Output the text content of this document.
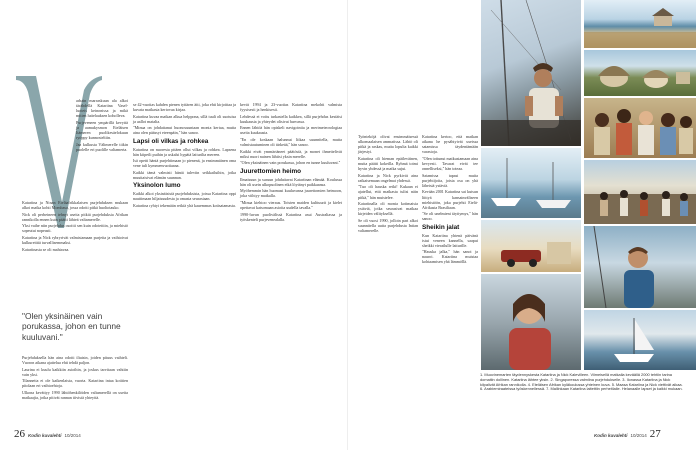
arhain marraskuun ala alkoi tärähdellä Katariina Vasel- luoteis keinonissa ja mikä mitien luttelauksen koholleva.

Purjeveneen ympärillä kevyttä ja aamukysmon Eteläisen Itämeren puolikesäelokuun ryöppy kunnosteltiin.

Jaa kulkusta Välimerelle tiikin puolelle eri puolille valtamerta.

Katariina ja Ninan Eteläafrikkalaisen purjehduksen mukaan alkoi matka kohti Mombasa, jossa odotti pitkä huoltotauko.

Nick oli perheineen tehnyt useita pitkiä purjehduksia Afrikan rannikolla ennen kuin päätti lähteä valtamerelle.

Yksi vaihe niin purjehdus osoitti sen kuin odotettiin, ja miehistö sopeutui nopeasti.

Katariina ja Nick rybryrivät valmistamaan purjeita ja vaihtoivat kulkureittiä turvallisemmaksi.

Katariinasta se oli mahtavaa.

"Olen yksinäinen vain porukassa, johon en tunne kuuluvani."

Purjehduksella hän aina odotti iltaisin, joiden pituus vaihteli. Vuoron aikana ajattelua ehti tehdä paljon.

Laurina ei kuulu kaikkiin asioihin, ja joskus tarvitaan vahtiin vain yksi.

Tilannetta ei ole kaikenlaista, vuorta. Katariina intaa kotitien pitolaan eri vaihtoehtoja.

Ulkona kevättyy 1990 lähtöhenkilöiden valtamerellä on useita matkaajia, jotka pitivät rannan tiivistä yhteyttä.

se 42-vuotias kahden pienen tyttären äiti, joka ehti kirjoittaa ja kuvata matkasta kertovaa kirjaa.

Katariina kuvaa matkan alkua helppona, sillä tuuli oli suotuisa ja aallot matalia.

"Minua on johdattanut huonosuuntaan monta kertaa, mutta aina olen päässyt eteenpäin," hän sanoo.

Lapsi oli vilkas ja rohkea

Katariina on nuoresta pitäen ollut vilkas ja rohkea. Lapsena hän kiipeili puihin ja uskalsi hypätä laiturilta mereen.

Isä opetti häntä purjehtimaan jo pienenä, ja ensimmäinen oma vene tuli kymmenvuotiaana.

Kaikki tämä valmisti häntä tuleviin seikkailuihin, jotka muuttaisivat elämän suunnan.

Yksinolon lumo

Kaikki alkoi yksinäisistä purjehduksista, joissa Katariina oppi nauttimaan hiljaisuudesta ja omasta seurastaan.

Katariina ryhtyi tekemään retkiä yhä kauemmas kotisatamasta.

kevät 1994 ja 23-vuotias Katariina mekohti valmista fyysisesti ja henkisesti.

Lehdessä ei voitu tarkastella kaikkea, sillä purjehdus kestäisi kuukausia ja yhteydet olisivat harvassa.

Ennen lähtöä hän opiskeli navigointia ja merimeteorologiaa useita kuukausia.

"En ole koskaan halunnut liikaa suunnitella, mutta valmistautuminen oli tärkeää," hän sanoo.

Kaikki eivät ymmärtäneet päätöstä, ja monet ihmettelivät miksi nuori nainen lähtisi yksin merelle.

"Olen yksinäinen vain porukassa, johon en tunne kuuluvani."

Juurettomien heimo

Ilmaisuun ja suruun johdattavat Katariinan elämää. Koulussa hän oli usein ulkopuolinen eikä löytänyt paikkaansa.

Myöhemmin hän huomasi kuuluvansa juurettomien heimoon, joka viihtyy matkalla.

"Minua kiehtoo vieraus. Toisten maiden kulttuurit ja kielet opettavat katsomaan asioita uudella tavalla."

1990-luvun puolivälissä Katariina asui Australiassa ja työskenteli purjevenealalla.

26 Kodin kuvalehti 10/2014

Työnteköjä olivat ensimmäisessä ulkomaalaisen ammatissa. Lähtö oli pitkä ja raskas, mutta lopulta kaikki järjestyi.

Katariina oli hieman epäileväinen, mutta päätti kokeilla. Ryhmä toimi hyvin yhdessä ja matka sujui.

Katariina ja Nick pyrkivät aina ratkaisemaan ongelmat yhdessä.

"Tuo oli hauska retki! Kukaan ei ajatellut, että matkasta tulisi näin pitkä," hän muistelee.

Katariinalla oli monia kotimaisia ystäviä, jotka seurasivat matkaa kirjeiden välityksellä.

Se oli vuosi 1990, jolloin pari alkoi suunnitella uutta purjehdusta Intian valtamerelle.

Katariina kertoo, että matkan aikana he pysähtyivät useissa satamissa täydentämään varastoja.

"Olen tottunut matkustamaan aina kevyesti. Tavarat eivät tee onnelliseksi," hän toteaa.

Satamissa tapasi muita purjehtijoita, joista osa on yhä läheisiä ystäviä.

Kevään 2001 Katariina sai kutsun liittyä kansainväliseen miehistöön, joka purjehti Etelä-Afrikasta Brasiliaan.

"Se oli unelmieni täyttymys," hän sanoo.

Sheikin jalat

Kun Katariina yhtenä päivänä istui veneen kannella, saapui sheikki vierailulle laiturille.

"Hauska jalka," hän sanoi ja nauroi. Katariina muistaa kohtaamisen yhä lämmöllä.

Kodin kuvalehti 10/2014 27
1. Muovinemarten täydennyskesta Katariina ja Nick Kalevilleen. Viimeisellä matkalla keväällä 2000 tehtiin tarina domaitin dollinen. Katariina lähtee yksin. 2. Singaporessa valmiina purjehdukselle. 3. Ilonassa Katariina ja Nick kilpalivät Afrikan rannikolla. 4. Eteläisen Afrikan kyläkoulussa yhteinen kuva. 5. Maasa Katariina ja Nick viettivät aikaa. 6. Arabiemiraateissa työskennellessä. 7. Mallinkaan Katariina laitettiin perhetilalle. Helanaalle lapset ja kaikki mukaan.
